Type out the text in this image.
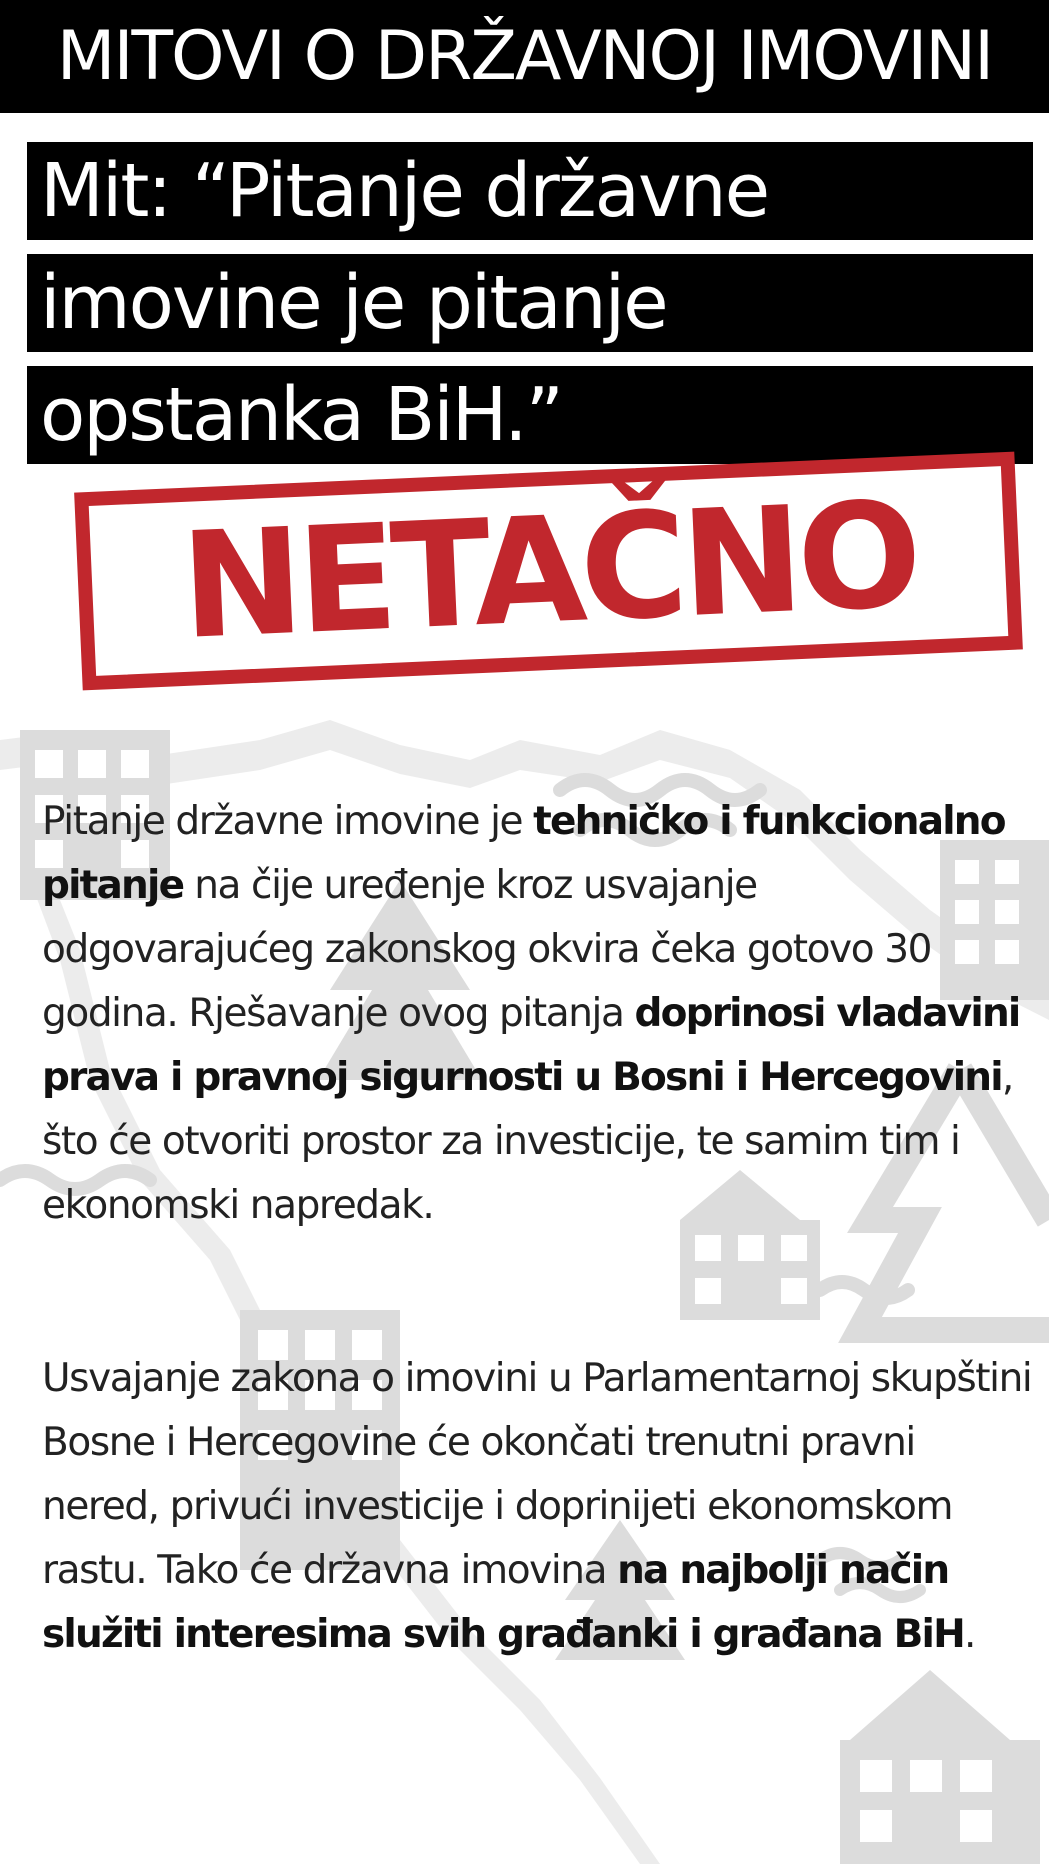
MITOVI O DRŽAVNOJ IMOVINI
Mit: “Pitanje državne
imovine je pitanje
opstanka BiH.”
NETAČNO
Pitanje državne imovine je tehničko i funkcionalno pitanje na čije uređenje kroz usvajanje odgovarajućeg zakonskog okvira čeka gotovo 30 godina. Rješavanje ovog pitanja doprinosi vladavini prava i pravnoj sigurnosti u Bosni i Hercegovini, što će otvoriti prostor za investicije, te samim tim i ekonomski napredak.
Usvajanje zakona o imovini u Parlamentarnoj skupštini Bosne i Hercegovine će okončati trenutni pravni nered, privući investicije i doprinijeti ekonomskom rastu. Tako će državna imovina na najbolji način služiti interesima svih građanki i građana BiH.
